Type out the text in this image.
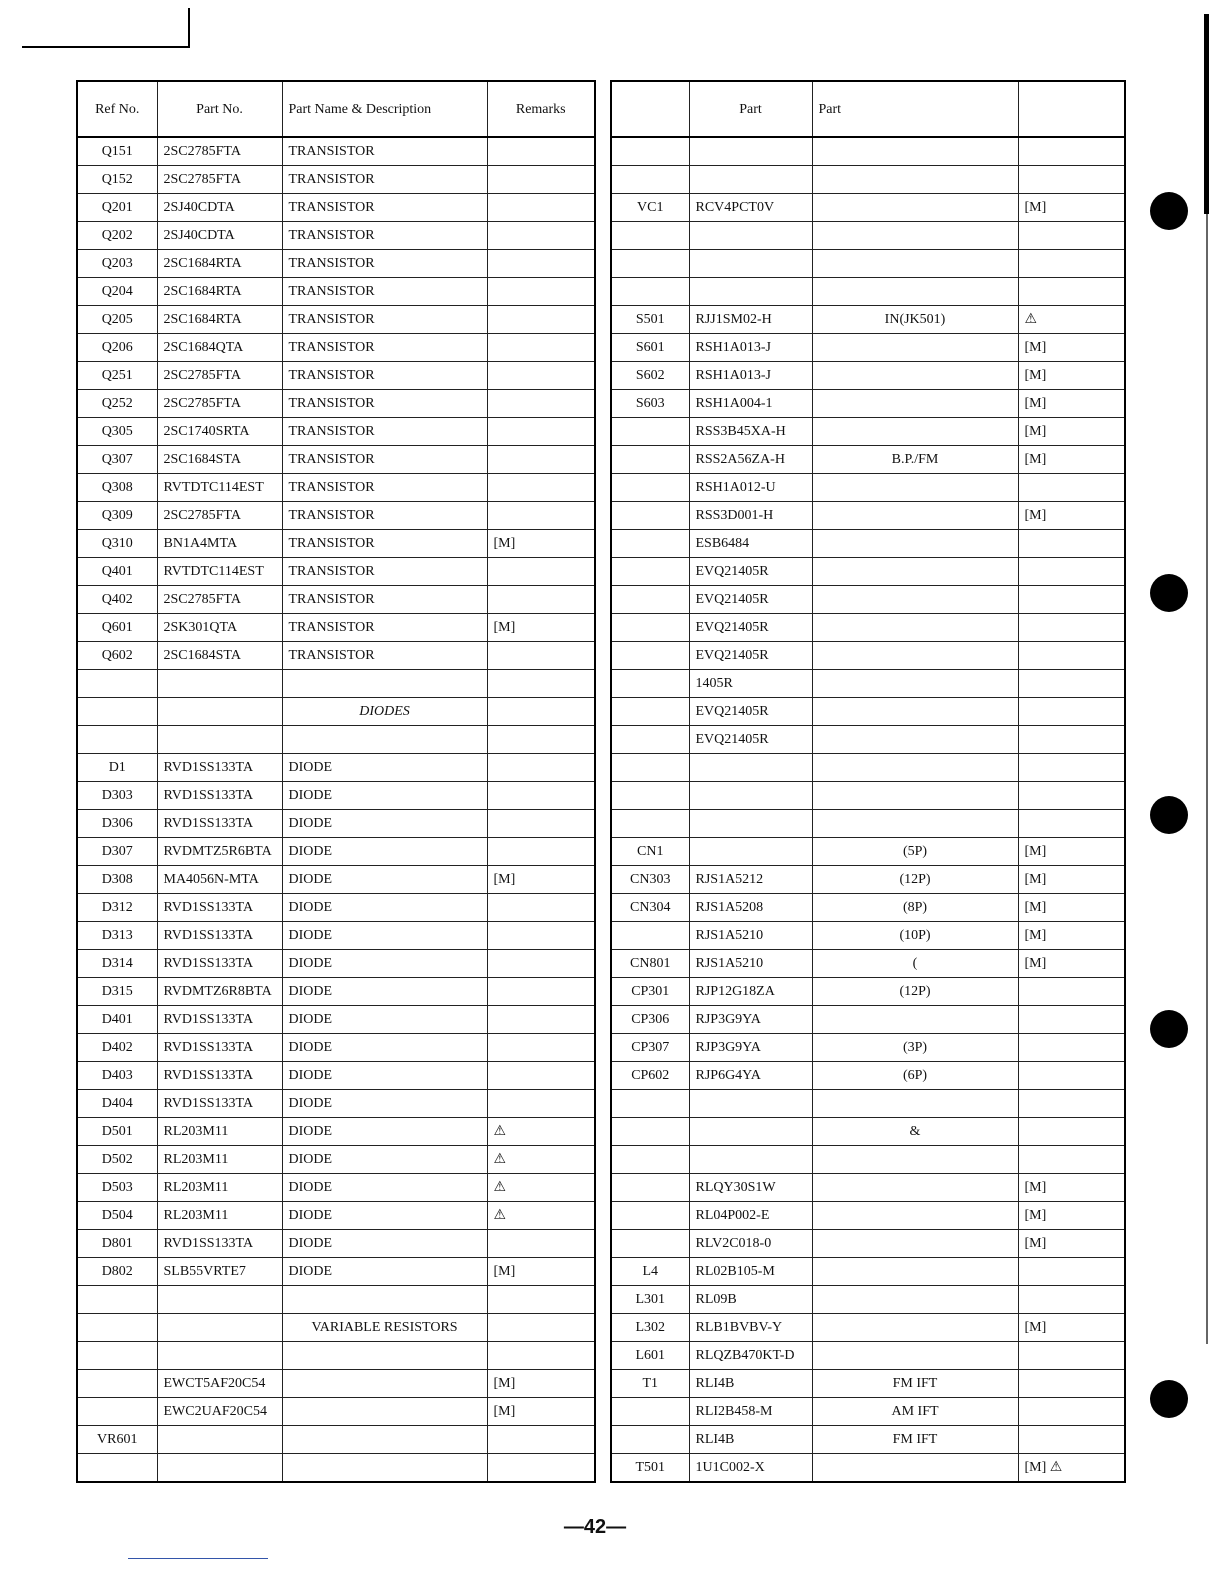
Ref No.	Part No.	Part Name & Description	Remarks
Q151	2SC2785FTA	TRANSISTOR	
Q152	2SC2785FTA	TRANSISTOR	
Q201	2SJ40CDTA	TRANSISTOR	
Q202	2SJ40CDTA	TRANSISTOR	
Q203	2SC1684RTA	TRANSISTOR	
Q204	2SC1684RTA	TRANSISTOR	
Q205	2SC1684RTA	TRANSISTOR	
Q206	2SC1684QTA	TRANSISTOR	
Q251	2SC2785FTA	TRANSISTOR	
Q252	2SC2785FTA	TRANSISTOR	
Q305	2SC1740SRTA	TRANSISTOR	
Q307	2SC1684STA	TRANSISTOR	
Q308	RVTDTC114EST	TRANSISTOR	
Q309	2SC2785FTA	TRANSISTOR	
Q310	BN1A4MTA	TRANSISTOR	[M]
Q401	RVTDTC114EST	TRANSISTOR	
Q402	2SC2785FTA	TRANSISTOR	
Q601	2SK301QTA	TRANSISTOR	[M]
Q602	2SC1684STA	TRANSISTOR	

		DIODES	

D1	RVD1SS133TA	DIODE	
D303	RVD1SS133TA	DIODE	
D306	RVD1SS133TA	DIODE	
D307	RVDMTZ5R6BTA	DIODE	
D308	MA4056N-MTA	DIODE	[M]
D312	RVD1SS133TA	DIODE	
D313	RVD1SS133TA	DIODE	
D314	RVD1SS133TA	DIODE	
D315	RVDMTZ6R8BTA	DIODE	
D401	RVD1SS133TA	DIODE	
D402	RVD1SS133TA	DIODE	
D403	RVD1SS133TA	DIODE	
D404	RVD1SS133TA	DIODE	
D501	RL203M11	DIODE	⚠
D502	RL203M11	DIODE	⚠
D503	RL203M11	DIODE	⚠
D504	RL203M11	DIODE	⚠
D801	RVD1SS133TA	DIODE	
D802	SLB55VRTE7	DIODE	[M]

		VARIABLE RESISTORS	

	EWCT5AF20C54		[M]
	EWC2UAF20C54		[M]
VR601			

	Part	Part	

VC1	RCV4PCT0V		[M]

S501	RJJ1SM02-H	IN(JK501)	⚠
S601	RSH1A013-J		[M]
S602	RSH1A013-J		[M]
S603	RSH1A004-1		[M]
	RSS3B45XA-H		[M]
	RSS2A56ZA-H	B.P./FM	[M]
	RSH1A012-U		
	RSS3D001-H		[M]
	ESB6484		
	EVQ21405R		
	EVQ21405R		
	EVQ21405R		
	EVQ21405R		
	1405R		
	EVQ21405R		
	EVQ21405R		

CN1		(5P)	[M]
CN303	RJS1A5212	(12P)	[M]
CN304	RJS1A5208	(8P)	[M]
	RJS1A5210	(10P)	[M]
CN801	RJS1A5210	(	[M]
CP301	RJP12G18ZA	(12P)	
CP306	RJP3G9YA		
CP307	RJP3G9YA	(3P)	
CP602	RJP6G4YA	(6P)	

		&	

	RLQY30S1W		[M]
	RL04P002-E		[M]
	RLV2C018-0		[M]
L4	RL02B105-M		
L301	RL09B		
L302	RLB1BVBV-Y		[M]
L601	RLQZB470KT-D		
T1	RLI4B	FM IFT	
	RLI2B458-M	AM IFT	
	RLI4B	FM IFT	
T501	1U1C002-X		[M] ⚠
—42—
